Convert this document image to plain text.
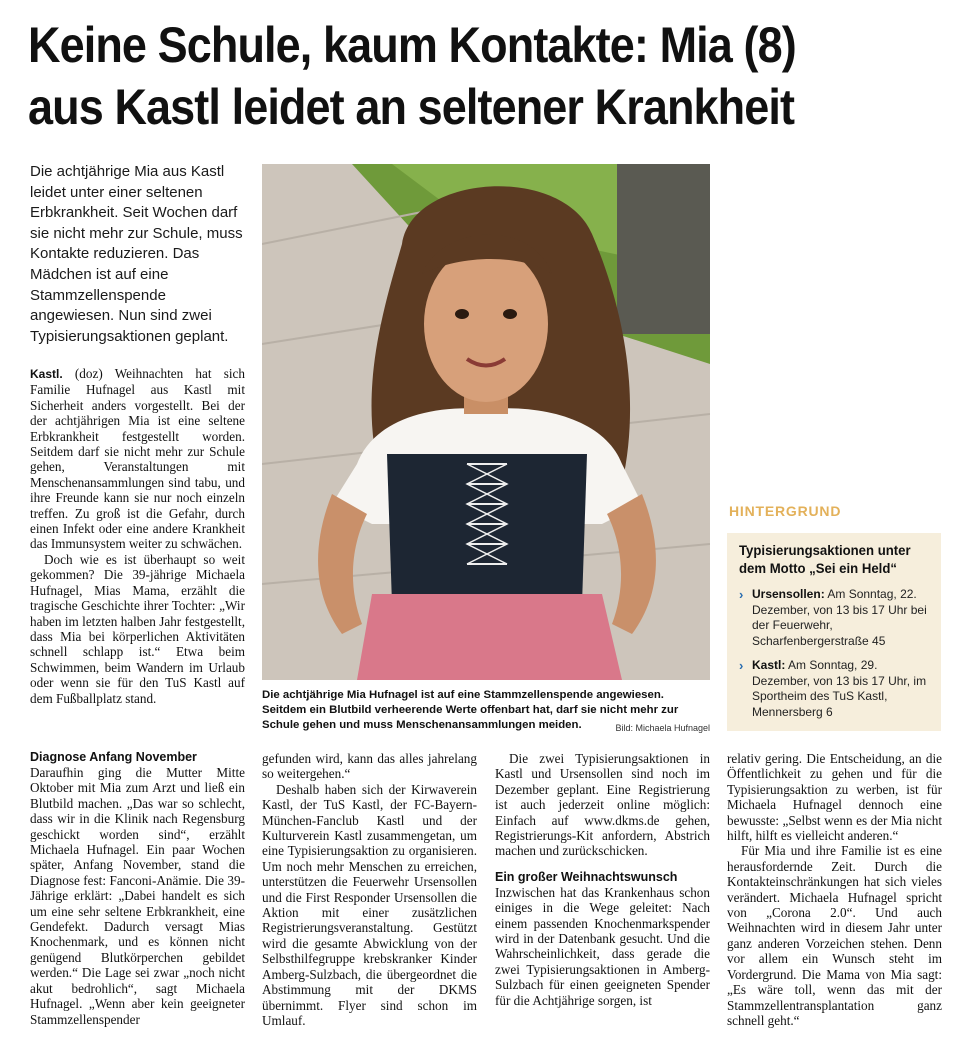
Keine Schule, kaum Kontakte: Mia (8)
aus Kastl leidet an seltener Krankheit

Die achtjährige Mia aus Kastl leidet unter einer seltenen Erbkrankheit. Seit Wochen darf sie nicht mehr zur Schule, muss Kontakte reduzieren. Das Mädchen ist auf eine Stammzellenspende angewiesen. Nun sind zwei Typisierungsaktionen geplant.

Die achtjährige Mia Hufnagel ist auf eine Stammzellenspende angewiesen. Seitdem ein Blutbild verheerende Werte offenbart hat, darf sie nicht mehr zur Schule gehen und muss Menschenansammlungen meiden.	Bild: Michaela Hufnagel

Kastl. (doz) Weihnachten hat sich Familie Hufnagel aus Kastl mit Sicherheit anders vorgestellt. Bei der der achtjährigen Mia ist eine seltene Erbkrankheit festgestellt worden. Seitdem darf sie nicht mehr zur Schule gehen, Veranstaltungen mit Menschenansammlungen sind tabu, und ihre Freunde kann sie nur noch einzeln treffen. Zu groß ist die Gefahr, durch einen Infekt oder eine andere Krankheit das Immunsystem weiter zu schwächen.

Doch wie es ist überhaupt so weit gekommen? Die 39-jährige Michaela Hufnagel, Mias Mama, erzählt die tragische Geschichte ihrer Tochter: „Wir haben im letzten halben Jahr festgestellt, dass Mia bei körperlichen Aktivitäten schnell schlapp ist.“ Etwa beim Schwimmen, beim Wandern im Urlaub oder wenn sie für den TuS Kastl auf dem Fußballplatz stand.

Diagnose Anfang November

Daraufhin ging die Mutter Mitte Oktober mit Mia zum Arzt und ließ ein Blutbild machen. „Das war so schlecht, dass wir in die Klinik nach Regensburg geschickt worden sind“, erzählt Michaela Hufnagel. Ein paar Wochen später, Anfang November, stand die Diagnose fest: Fanconi-Anämie. Die 39-Jährige erklärt: „Dabei handelt es sich um eine sehr seltene Erbkrankheit, eine Gendefekt. Dadurch versagt Mias Knochenmark, und es können nicht genügend Blutkörperchen gebildet werden.“ Die Lage sei zwar „noch nicht akut bedrohlich“, sagt Michaela Hufnagel. „Wenn aber kein geeigneter Stammzellenspender

gefunden wird, kann das alles jahrelang so weitergehen.“

Deshalb haben sich der Kirwaverein Kastl, der TuS Kastl, der FC-Bayern-München-Fanclub Kastl und der Kulturverein Kastl zusammengetan, um eine Typisierungsaktion zu organisieren. Um noch mehr Menschen zu erreichen, unterstützen die Feuerwehr Ursensollen und die First Responder Ursensollen die Aktion mit einer zusätzlichen Registrierungsveranstaltung. Gestützt wird die gesamte Abwicklung von der Selbsthilfegruppe krebskranker Kinder Amberg-Sulzbach, die übergeordnet die Abstimmung mit der DKMS übernimmt. Flyer sind schon im Umlauf.

Die zwei Typisierungsaktionen in Kastl und Ursensollen sind noch im Dezember geplant. Eine Registrierung ist auch jederzeit online möglich: Einfach auf www.dkms.de gehen, Registrierungs-Kit anfordern, Abstrich machen und zurückschicken.

Ein großer Weihnachtswunsch

Inzwischen hat das Krankenhaus schon einiges in die Wege geleitet: Nach einem passenden Knochenmarkspender wird in der Datenbank gesucht. Und die Wahrscheinlichkeit, dass gerade die zwei Typisierungsaktionen in Amberg-Sulzbach für einen geeigneten Spender für die Achtjährige sorgen, ist

relativ gering. Die Entscheidung, an die Öffentlichkeit zu gehen und für die Typisierungsaktion zu werben, ist für Michaela Hufnagel dennoch eine bewusste: „Selbst wenn es der Mia nicht hilft, hilft es vielleicht anderen.“

Für Mia und ihre Familie ist es eine herausfordernde Zeit. Durch die Kontakteinschränkungen hat sich vieles verändert. Michaela Hufnagel spricht von „Corona 2.0“. Und auch Weihnachten wird in diesem Jahr unter ganz anderen Vorzeichen stehen. Denn vor allem ein Wunsch steht im Vordergrund. Die Mama von Mia sagt: „Es wäre toll, wenn das mit der Stammzellentransplantation ganz schnell geht.“

HINTERGRUND

Typisierungsaktionen unter dem Motto „Sei ein Held“

› Ursensollen: Am Sonntag, 22. Dezember, von 13 bis 17 Uhr bei der Feuerwehr, Scharfenbergerstraße 45
› Kastl: Am Sonntag, 29. Dezember, von 13 bis 17 Uhr, im Sportheim des TuS Kastl, Mennersberg 6
